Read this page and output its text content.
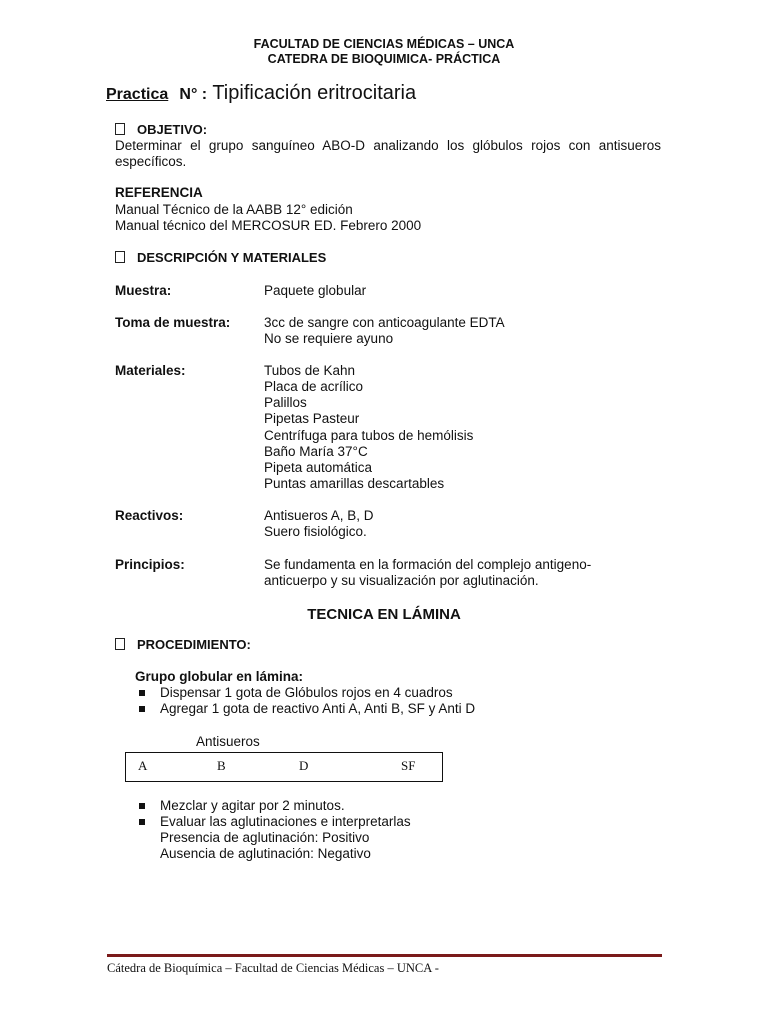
FACULTAD DE CIENCIAS MÉDICAS – UNCA
CATEDRA DE BIOQUIMICA- PRÁCTICA
Practica N° : Tipificación eritrocitaria
OBJETIVO:
Determinar el grupo sanguíneo ABO-D analizando los glóbulos rojos con antisueros específicos.
REFERENCIA
Manual Técnico de la AABB 12° edición
Manual técnico del MERCOSUR ED. Febrero 2000
DESCRIPCIÓN Y MATERIALES
Muestra:	Paquete globular
Toma de muestra: 3cc de sangre con anticoagulante EDTA
No se requiere ayuno
Materiales:	Tubos de Kahn
Placa de acrílico
Palillos
Pipetas Pasteur
Centrífuga para tubos de hemólisis
Baño María 37°C
Pipeta automática
Puntas amarillas descartables
Reactivos:	Antisueros A, B, D
Suero fisiológico.
Principios:	Se fundamenta en la formación del complejo antigeno-
anticuerpo y su visualización por aglutinación.
TECNICA EN LÁMINA
PROCEDIMIENTO:
Grupo globular en lámina:
Dispensar 1 gota de Glóbulos rojos en 4 cuadros
Agregar 1 gota de reactivo Anti A, Anti B, SF y Anti D
Antisueros
A	B	D	SF
Mezclar y agitar por 2 minutos.
Evaluar las aglutinaciones e interpretarlas
Presencia de aglutinación: Positivo
Ausencia de aglutinación: Negativo
Cátedra de Bioquímica – Facultad de Ciencias Médicas – UNCA -
